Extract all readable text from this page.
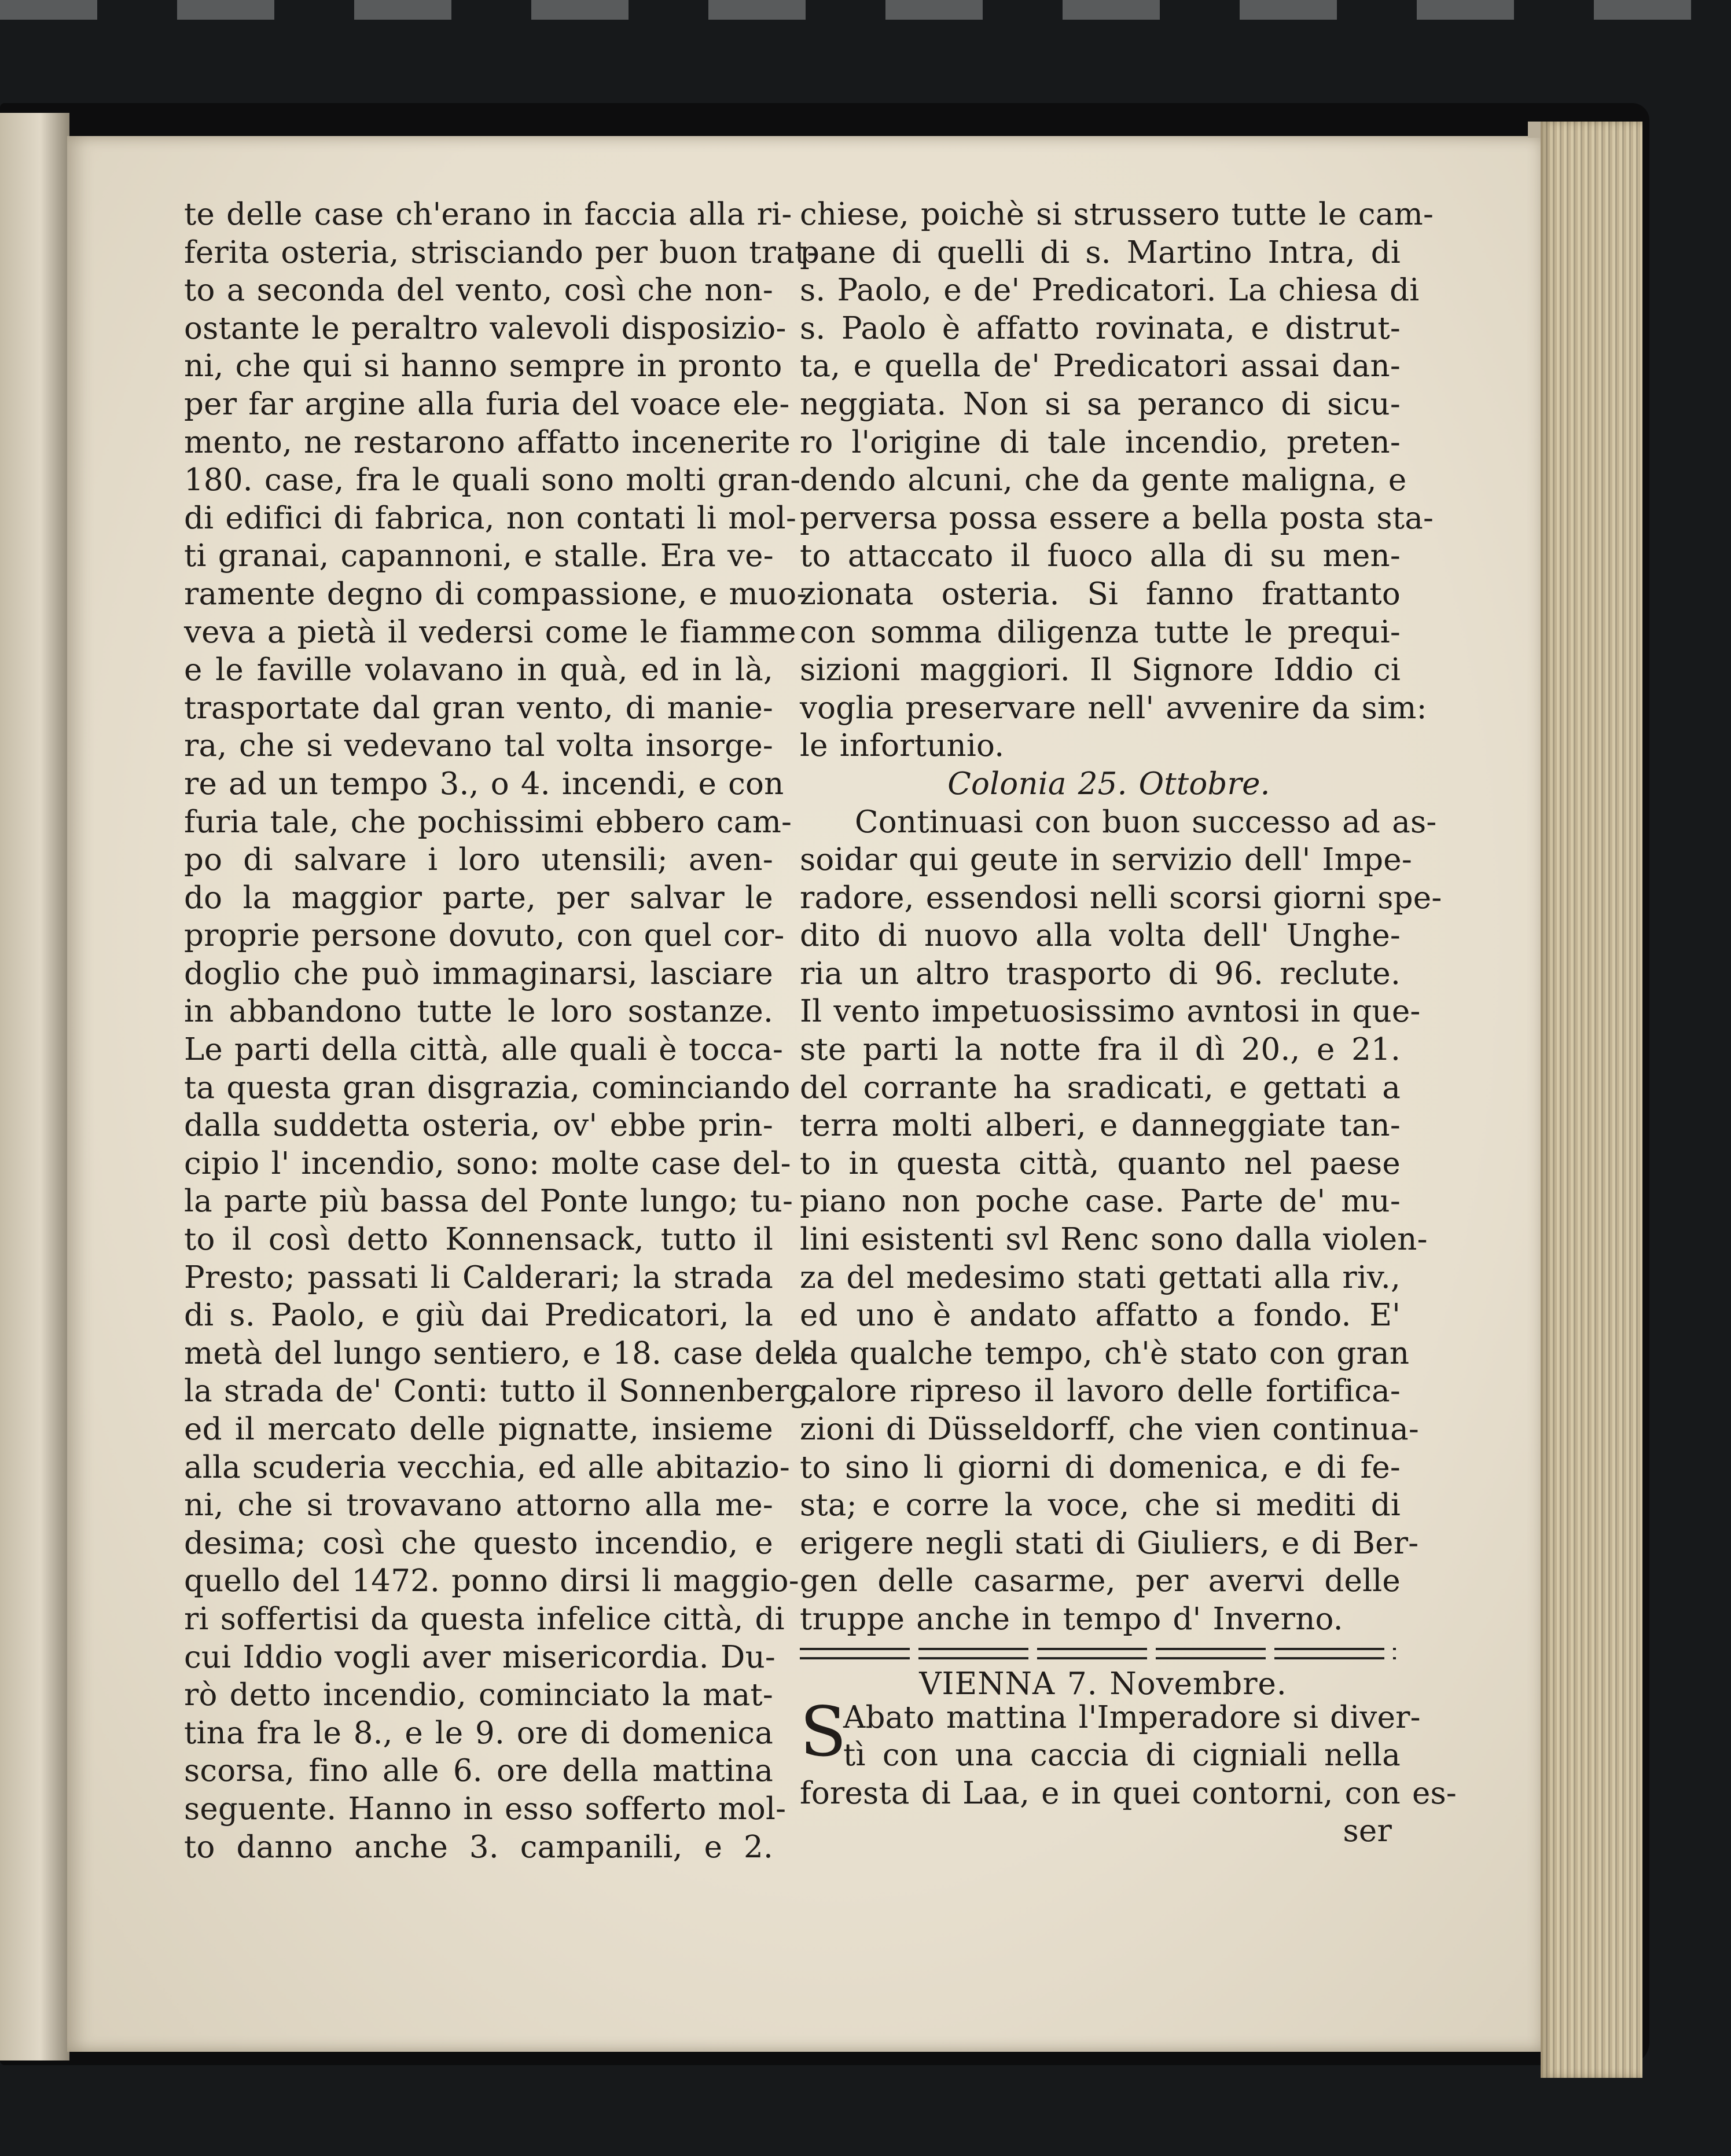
te delle case ch'erano in faccia alla ri-
ferita osteria, strisciando per buon trat-
to a seconda del vento, così che non-
ostante le peraltro valevoli disposizio-
ni, che qui si hanno sempre in pronto
per far argine alla furia del voace ele-
mento, ne restarono affatto incenerite
180. case, fra le quali sono molti gran-
di edifici di fabrica, non contati li mol-
ti granai, capannoni, e stalle. Era ve-
ramente degno di compassione, e muo-
veva a pietà il vedersi come le fiamme
e le faville volavano in quà, ed in là,
trasportate dal gran vento, di manie-
ra, che si vedevano tal volta insorge-
re ad un tempo 3., o 4. incendi, e con
furia tale, che pochissimi ebbero cam-
po di salvare i loro utensili; aven-
do la maggior parte, per salvar le
proprie persone dovuto, con quel cor-
doglio che può immaginarsi, lasciare
in abbandono tutte le loro sostanze.
Le parti della città, alle quali è tocca-
ta questa gran disgrazia, cominciando
dalla suddetta osteria, ov' ebbe prin-
cipio l' incendio, sono: molte case del-
la parte più bassa del Ponte lungo; tu-
to il così detto Konnensack, tutto il
Presto; passati li Calderari; la strada
di s. Paolo, e giù dai Predicatori, la
metà del lungo sentiero, e 18. case del-
la strada de' Conti: tutto il Sonnenberg,
ed il mercato delle pignatte, insieme
alla scuderia vecchia, ed alle abitazio-
ni, che si trovavano attorno alla me-
desima; così che questo incendio, e
quello del 1472. ponno dirsi li maggio-
ri soffertisi da questa infelice città, di
cui Iddio vogli aver misericordia. Du-
rò detto incendio, cominciato la mat-
tina fra le 8., e le 9. ore di domenica
scorsa, fino alle 6. ore della mattina
seguente. Hanno in esso sofferto mol-
to danno anche 3. campanili, e 2.
chiese, poichè si strussero tutte le cam-
pane di quelli di s. Martino Intra, di
s. Paolo, e de' Predicatori. La chiesa di
s. Paolo è affatto rovinata, e distrut-
ta, e quella de' Predicatori assai dan-
neggiata. Non si sa peranco di sicu-
ro l'origine di tale incendio, preten-
dendo alcuni, che da gente maligna, e
perversa possa essere a bella posta sta-
to attaccato il fuoco alla di su men-
zionata osteria. Si fanno frattanto
con somma diligenza tutte le prequi-
sizioni maggiori. Il Signore Iddio ci
voglia preservare nell' avvenire da sim:
le infortunio.
Colonia 25. Ottobre.
Continuasi con buon successo ad as-
soidar qui geute in servizio dell' Impe-
radore, essendosi nelli scorsi giorni spe-
dito di nuovo alla volta dell' Unghe-
ria un altro trasporto di 96. reclute.
Il vento impetuosissimo avntosi in que-
ste parti la notte fra il dì 20., e 21.
del corrante ha sradicati, e gettati a
terra molti alberi, e danneggiate tan-
to in questa città, quanto nel paese
piano non poche case. Parte de' mu-
lini esistenti svl Renc sono dalla violen-
za del medesimo stati gettati alla riv.,
ed uno è andato affatto a fondo. E'
da qualche tempo, ch'è stato con gran
calore ripreso il lavoro delle fortifica-
zioni di Düsseldorff, che vien continua-
to sino li giorni di domenica, e di fe-
sta; e corre la voce, che si mediti di
erigere negli stati di Giuliers, e di Ber-
gen delle casarme, per avervi delle
truppe anche in tempo d' Inverno.
VIENNA 7. Novembre.
S
Abato mattina l'Imperadore si diver-
tì con una caccia di cigniali nella
foresta di Laa, e in quei contorni, con es-
ser
